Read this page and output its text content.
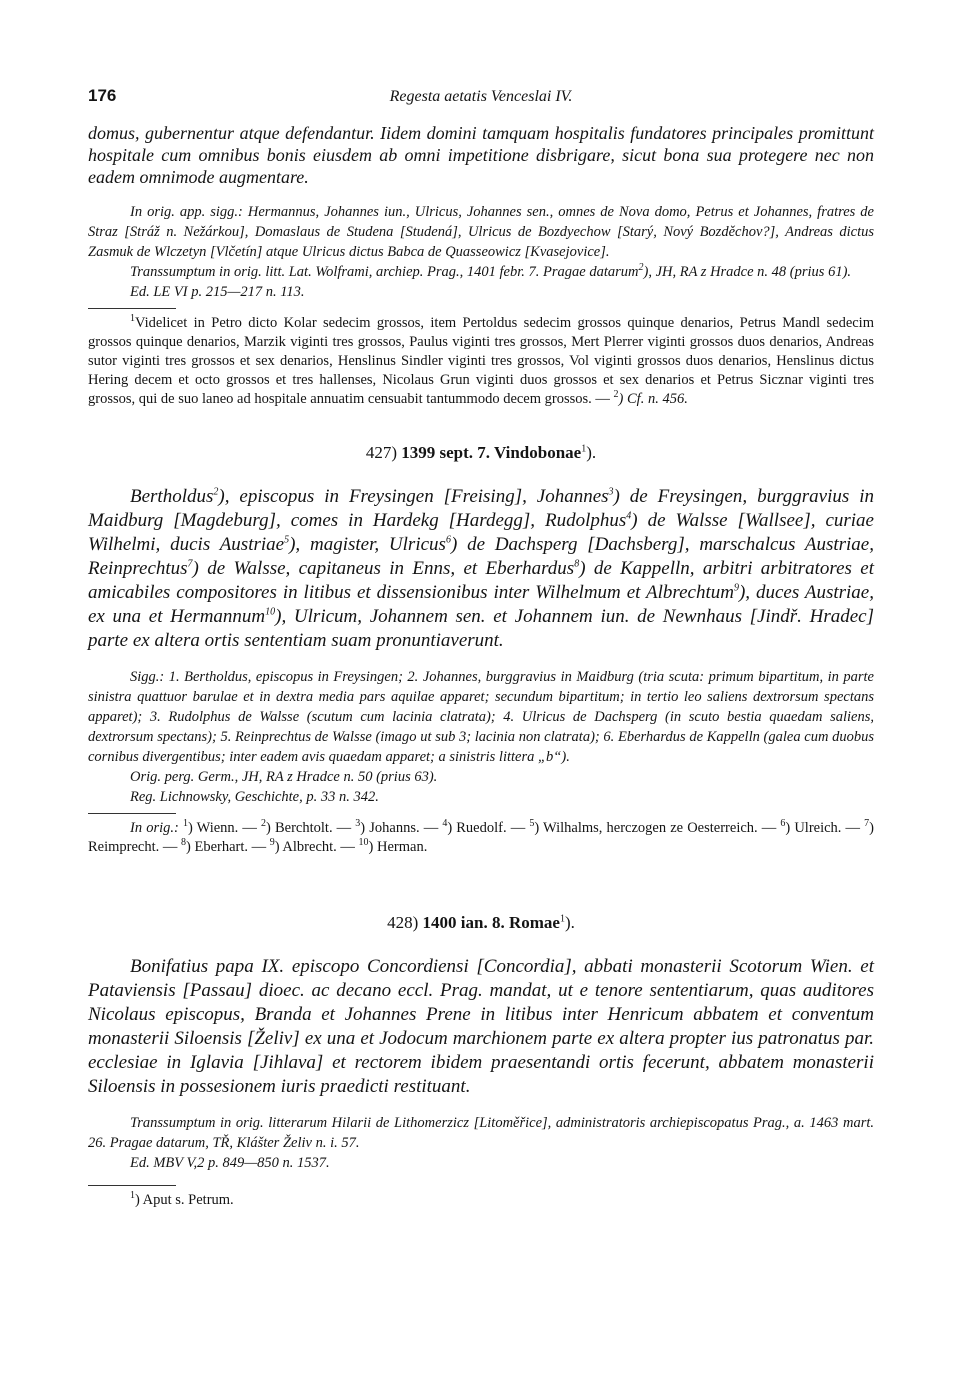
176	Regesta aetatis Venceslai IV.

domus, gubernentur atque defendantur. Iidem domini tamquam hospitalis fundatores principales promittunt hospitale cum omnibus bonis eiusdem ab omni impetitione disbrigare, sicut bona sua protegere nec non eadem omnimode augmentare.

In orig. app. sigg.: Hermannus, Johannes iun., Ulricus, Johannes sen., omnes de Nova domo, Petrus et Johannes, fratres de Straz [Stráž n. Nežárkou], Domaslaus de Studena [Studená], Ulricus de Bozdyechow [Starý, Nový Bozděchov?], Andreas dictus Zasmuk de Wlczetyn [Vlčetín] atque Ulricus dictus Babca de Quasseowicz [Kvasejovice].

Transsumptum in orig. litt. Lat. Wolframi, archiep. Prag., 1401 febr. 7. Pragae datarum$^2$), JH, RA z Hradce n. 48 (prius 61).

Ed. LE VI p. 215—217 n. 113.

$^1$Videlicet in Petro dicto Kolar sedecim grossos, item Pertoldus sedecim grossos quinque denarios, Petrus Mandl sedecim grossos quinque denarios, Marzik viginti tres grossos, Paulus viginti tres grossos, Mert Plerrer viginti grossos duos denarios, Andreas sutor viginti tres grossos et sex denarios, Henslinus Sindler viginti tres grossos, Vol viginti grossos duos denarios, Henslinus dictus Hering decem et octo grossos et tres hallenses, Nicolaus Grun viginti duos grossos et sex denarios et Petrus Sicznar viginti tres grossos, qui de suo laneo ad hospitale annuatim censuabit tantummodo decem grossos. — $^2$) Cf. n. 456.

427) 1399 sept. 7. Vindobonae$^1$).

Bertholdus$^2$), episcopus in Freysingen [Freising], Johannes$^3$) de Freysingen, burggravius in Maidburg [Magdeburg], comes in Hardekg [Hardegg], Rudolphus$^4$) de Walsse [Wallsee], curiae Wilhelmi, ducis Austriae$^5$), magister, Ulricus$^6$) de Dachsperg [Dachsberg], marschalcus Austriae, Reinprechtus$^7$) de Walsse, capitaneus in Enns, et Eberhardus$^8$) de Kappelln, arbitri arbitratores et amicabiles compositores in litibus et dissensionibus inter Wilhelmum et Albrechtum$^9$), duces Austriae, ex una et Hermannum$^{10}$), Ulricum, Johannem sen. et Johannem iun. de Newnhaus [Jindř. Hradec] parte ex altera ortis sententiam suam pronuntiaverunt.

Sigg.: 1. Bertholdus, episcopus in Freysingen; 2. Johannes, burggravius in Maidburg (tria scuta: primum bipartitum, in parte sinistra quattuor barulae et in dextra media pars aquilae apparet; secundum bipartitum; in tertio leo saliens dextrorsum spectans apparet); 3. Rudolphus de Walsse (scutum cum lacinia clatrata); 4. Ulricus de Dachsperg (in scuto bestia quaedam saliens, dextrorsum spectans); 5. Reinprechtus de Walsse (imago ut sub 3; lacinia non clatrata); 6. Eberhardus de Kappelln (galea cum duobus cornibus divergentibus; inter eadem avis quaedam apparet; a sinistris littera „b“).

Orig. perg. Germ., JH, RA z Hradce n. 50 (prius 63).

Reg. Lichnowsky, Geschichte, p. 33 n. 342.

In orig.: $^1$) Wienn. — $^2$) Berchtolt. — $^3$) Johanns. — $^4$) Ruedolf. — $^5$) Wilhalms, herczogen ze Oesterreich. — $^6$) Ulreich. — $^7$) Reimprecht. — $^8$) Eberhart. — $^9$) Albrecht. — $^{10}$) Herman.

428) 1400 ian. 8. Romae$^1$).

Bonifatius papa IX. episcopo Concordiensi [Concordia], abbati monasterii Scotorum Wien. et Pataviensis [Passau] dioec. ac decano eccl. Prag. mandat, ut e tenore sententiarum, quas auditores Nicolaus episcopus, Branda et Johannes Prene in litibus inter Henricum abbatem et conventum monasterii Siloensis [Želiv] ex una et Jodocum marchionem parte ex altera propter ius patronatus par. ecclesiae in Iglavia [Jihlava] et rectorem ibidem praesentandi ortis fecerunt, abbatem monasterii Siloensis in possesionem iuris praedicti restituant.

Transsumptum in orig. litterarum Hilarii de Lithomerzicz [Litoměřice], administratoris archiepiscopatus Prag., a. 1463 mart. 26. Pragae datarum, TŘ, Klášter Želiv n. i. 57.

Ed. MBV V,2 p. 849—850 n. 1537.

$^1$) Aput s. Petrum.
